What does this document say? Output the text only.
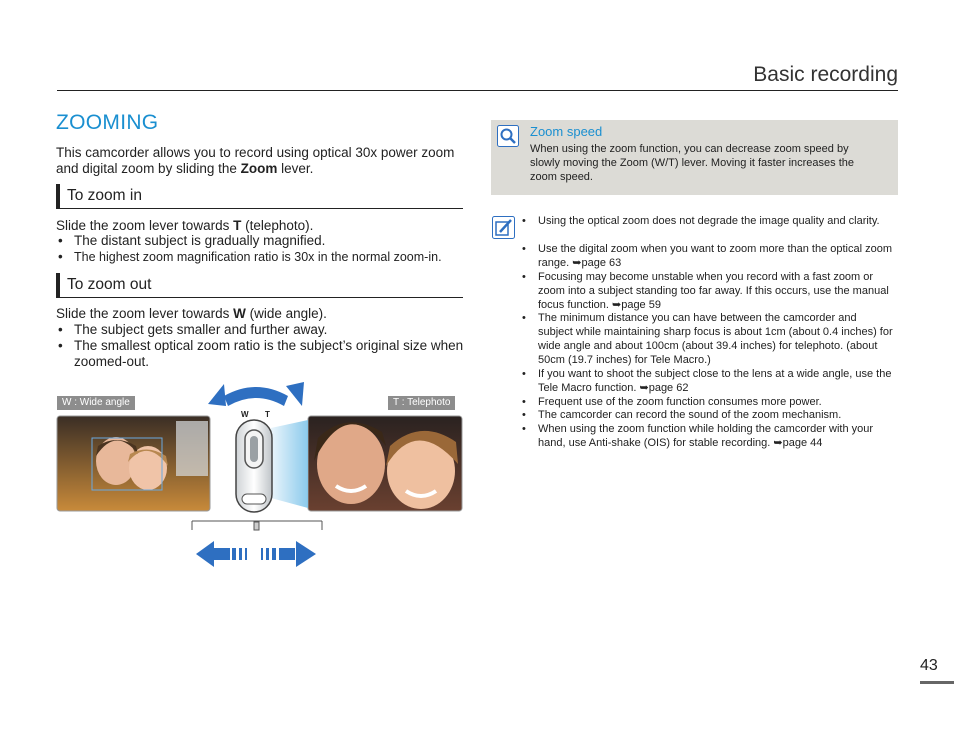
Basic recording
ZOOMING
This camcorder allows you to record using optical 30x power zoom and digital zoom by sliding the Zoom lever.
To zoom in
Slide the zoom lever towards T (telephoto).
• The distant subject is gradually magnified.
• The highest zoom magnification ratio is 30x in the normal zoom-in.
To zoom out
Slide the zoom lever towards W (wide angle).
• The subject gets smaller and further away.
• The smallest optical zoom ratio is the subject’s original size when zoomed-out.
W : Wide angle	T : Telephoto
W T
Zoom speed
When using the zoom function, you can decrease zoom speed by slowly moving the Zoom (W/T) lever. Moving it faster increases the zoom speed.
• Using the optical zoom does not degrade the image quality and clarity.
• Use the digital zoom when you want to zoom more than the optical zoom range. ➥page 63
• Focusing may become unstable when you record with a fast zoom or zoom into a subject standing too far away. If this occurs, use the manual focus function. ➥page 59
• The minimum distance you can have between the camcorder and subject while maintaining sharp focus is about 1cm (about 0.4 inches) for wide angle and about 100cm (about 39.4 inches) for telephoto. (about 50cm (19.7 inches) for Tele Macro.)
• If you want to shoot the subject close to the lens at a wide angle, use the Tele Macro function. ➥page 62
• Frequent use of the zoom function consumes more power.
• The camcorder can record the sound of the zoom mechanism.
• When using the zoom function while holding the camcorder with your hand, use Anti-shake (OIS) for stable recording. ➥page 44
43
